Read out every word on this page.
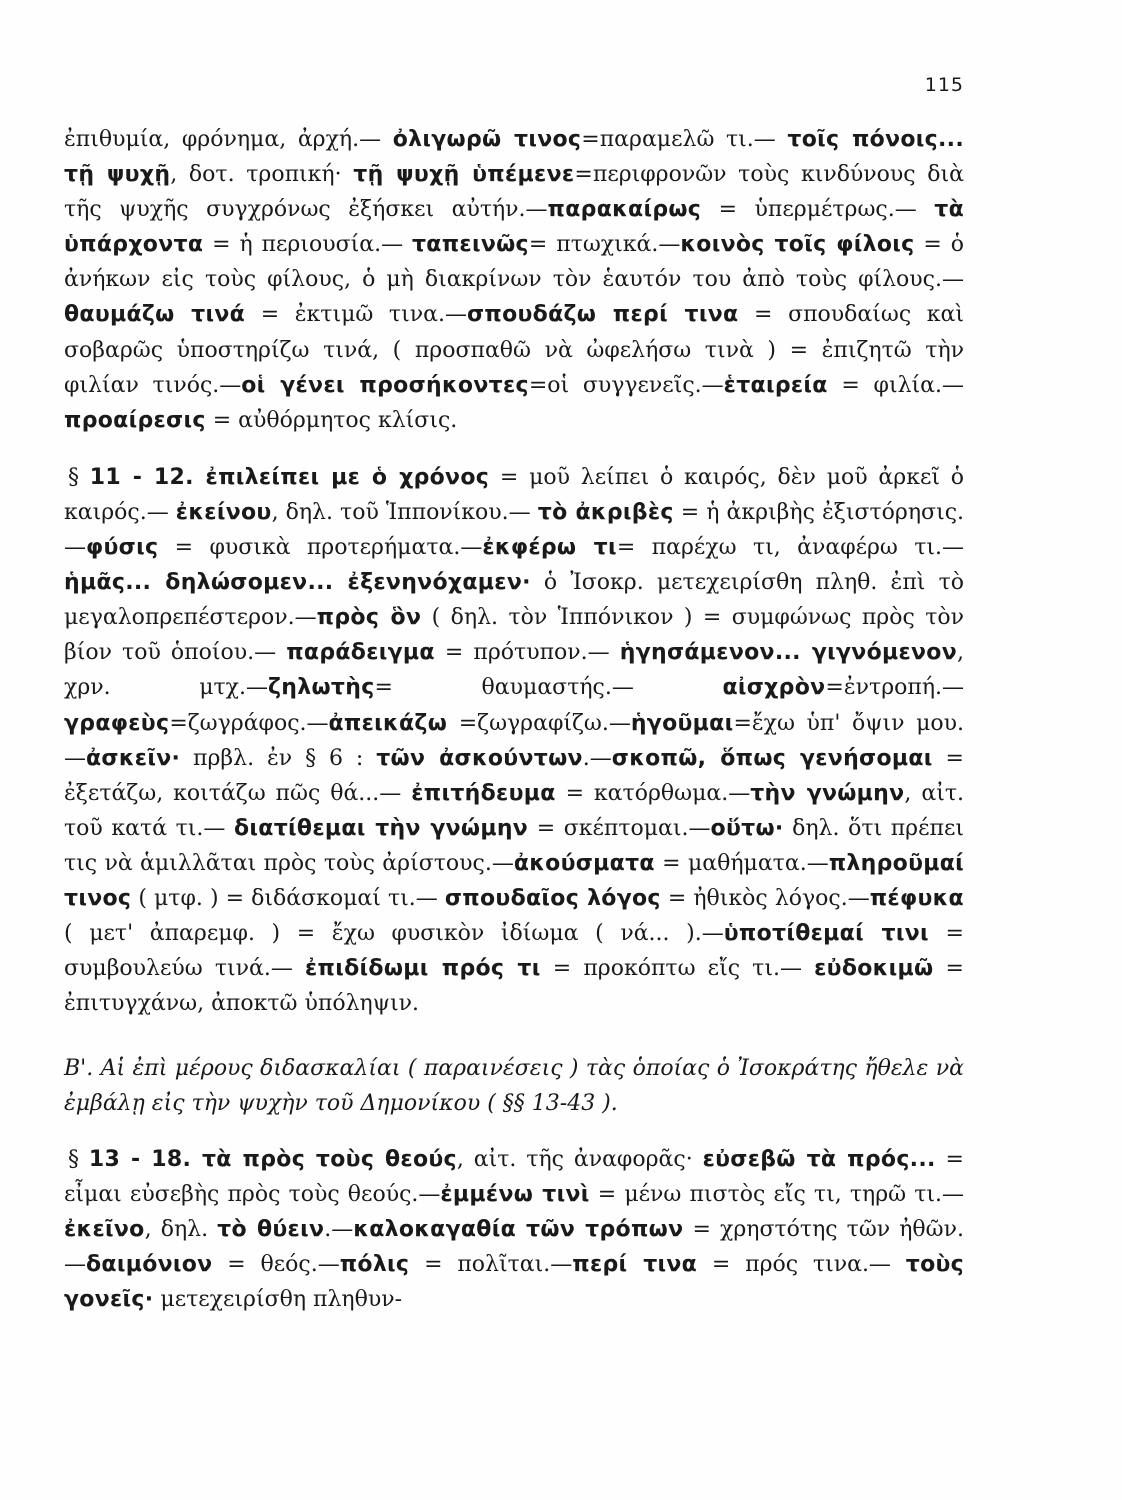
115

ἐπιθυμία, φρόνημα, ἀρχή.— ὀλιγωρῶ τινος=παραμελῶ τι.— τοῖς πόνοις... τῇ ψυχῇ, δοτ. τροπική· τῇ ψυχῇ ὑπέμενε=περιφρονῶν τοὺς κινδύνους διὰ τῆς ψυχῆς συγχρόνως ἐξήσκει αὐτήν.—παρακαίρως = ὑπερμέτρως.— τὰ ὑπάρχοντα = ἡ περιουσία.— ταπεινῶς= πτωχικά.—κοινὸς τοῖς φίλοις = ὁ ἀνήκων εἰς τοὺς φίλους, ὁ μὴ διακρίνων τὸν ἑαυτόν του ἀπὸ τοὺς φίλους.—θαυμάζω τινά = ἐκτιμῶ τινα.—σπουδάζω περί τινα = σπουδαίως καὶ σοβαρῶς ὑποστηρίζω τινά, ( προσπαθῶ νὰ ὠφελήσω τινὰ ) = ἐπιζητῶ τὴν φιλίαν τινός.—οἱ γένει προσήκοντες=οἱ συγγενεῖς.—ἑταιρεία = φιλία.—προαίρεσις = αὐθόρμητος κλίσις.

§ 11 - 12. ἐπιλείπει με ὁ χρόνος = μοῦ λείπει ὁ καιρός, δὲν μοῦ ἀρκεῖ ὁ καιρός.— ἐκείνου, δηλ. τοῦ Ἱππονίκου.— τὸ ἀκριβὲς = ἡ ἀκριβὴς ἐξιστόρησις.—φύσις = φυσικὰ προτερήματα.—ἐκφέρω τι= παρέχω τι, ἀναφέρω τι.—ἡμᾶς... δηλώσομεν... ἐξενηνόχαμεν· ὁ Ἰσοκρ. μετεχειρίσθη πληθ. ἐπὶ τὸ μεγαλοπρεπέστερον.—πρὸς ὃν ( δηλ. τὸν Ἱππόνικον ) = συμφώνως πρὸς τὸν βίον τοῦ ὁποίου.— παράδειγμα = πρότυπον.— ἡγησάμενον... γιγνόμενον, χρν. μτχ.—ζηλωτὴς= θαυμαστής.— αἰσχρὸν=ἐντροπή.— γραφεὺς=ζωγράφος.—ἀπεικάζω =ζωγραφίζω.—ἡγοῦμαι=ἔχω ὑπ' ὄψιν μου.—ἀσκεῖν· πρβλ. ἐν § 6 : τῶν ἀσκούντων.—σκοπῶ, ὅπως γενήσομαι = ἐξετάζω, κοιτάζω πῶς θά...— ἐπιτήδευμα = κατόρθωμα.—τὴν γνώμην, αἰτ. τοῦ κατά τι.— διατίθεμαι τὴν γνώμην = σκέπτομαι.—οὕτω· δηλ. ὅτι πρέπει τις νὰ ἁμιλλᾶται πρὸς τοὺς ἀρίστους.—ἀκούσματα = μαθήματα.—πληροῦμαί τινος ( μτφ. ) = διδάσκομαί τι.— σπουδαῖος λόγος = ἠθικὸς λόγος.—πέφυκα ( μετ' ἀπαρεμφ. ) = ἔχω φυσικὸν ἰδίωμα ( νά... ).—ὑποτίθεμαί τινι = συμβουλεύω τινά.— ἐπιδίδωμι πρός τι = προκόπτω εἴς τι.— εὐδοκιμῶ = ἐπιτυγχάνω, ἀποκτῶ ὑπόληψιν.

Β'. Αἱ ἐπὶ μέρους διδασκαλίαι ( παραινέσεις ) τὰς ὁποίας ὁ Ἰσοκράτης ἤθελε νὰ ἐμβάλῃ εἰς τὴν ψυχὴν τοῦ Δημονίκου ( §§ 13-43 ).

§ 13 - 18. τὰ πρὸς τοὺς θεούς, αἰτ. τῆς ἀναφορᾶς· εὐσεβῶ τὰ πρός... = εἶμαι εὐσεβὴς πρὸς τοὺς θεούς.—ἐμμένω τινὶ = μένω πιστὸς εἴς τι, τηρῶ τι.—ἐκεῖνο, δηλ. τὸ θύειν.—καλοκαγαθία τῶν τρόπων = χρηστότης τῶν ἠθῶν.—δαιμόνιον = θεός.—πόλις = πολῖται.—περί τινα = πρός τινα.— τοὺς γονεῖς· μετεχειρίσθη πληθυν-
